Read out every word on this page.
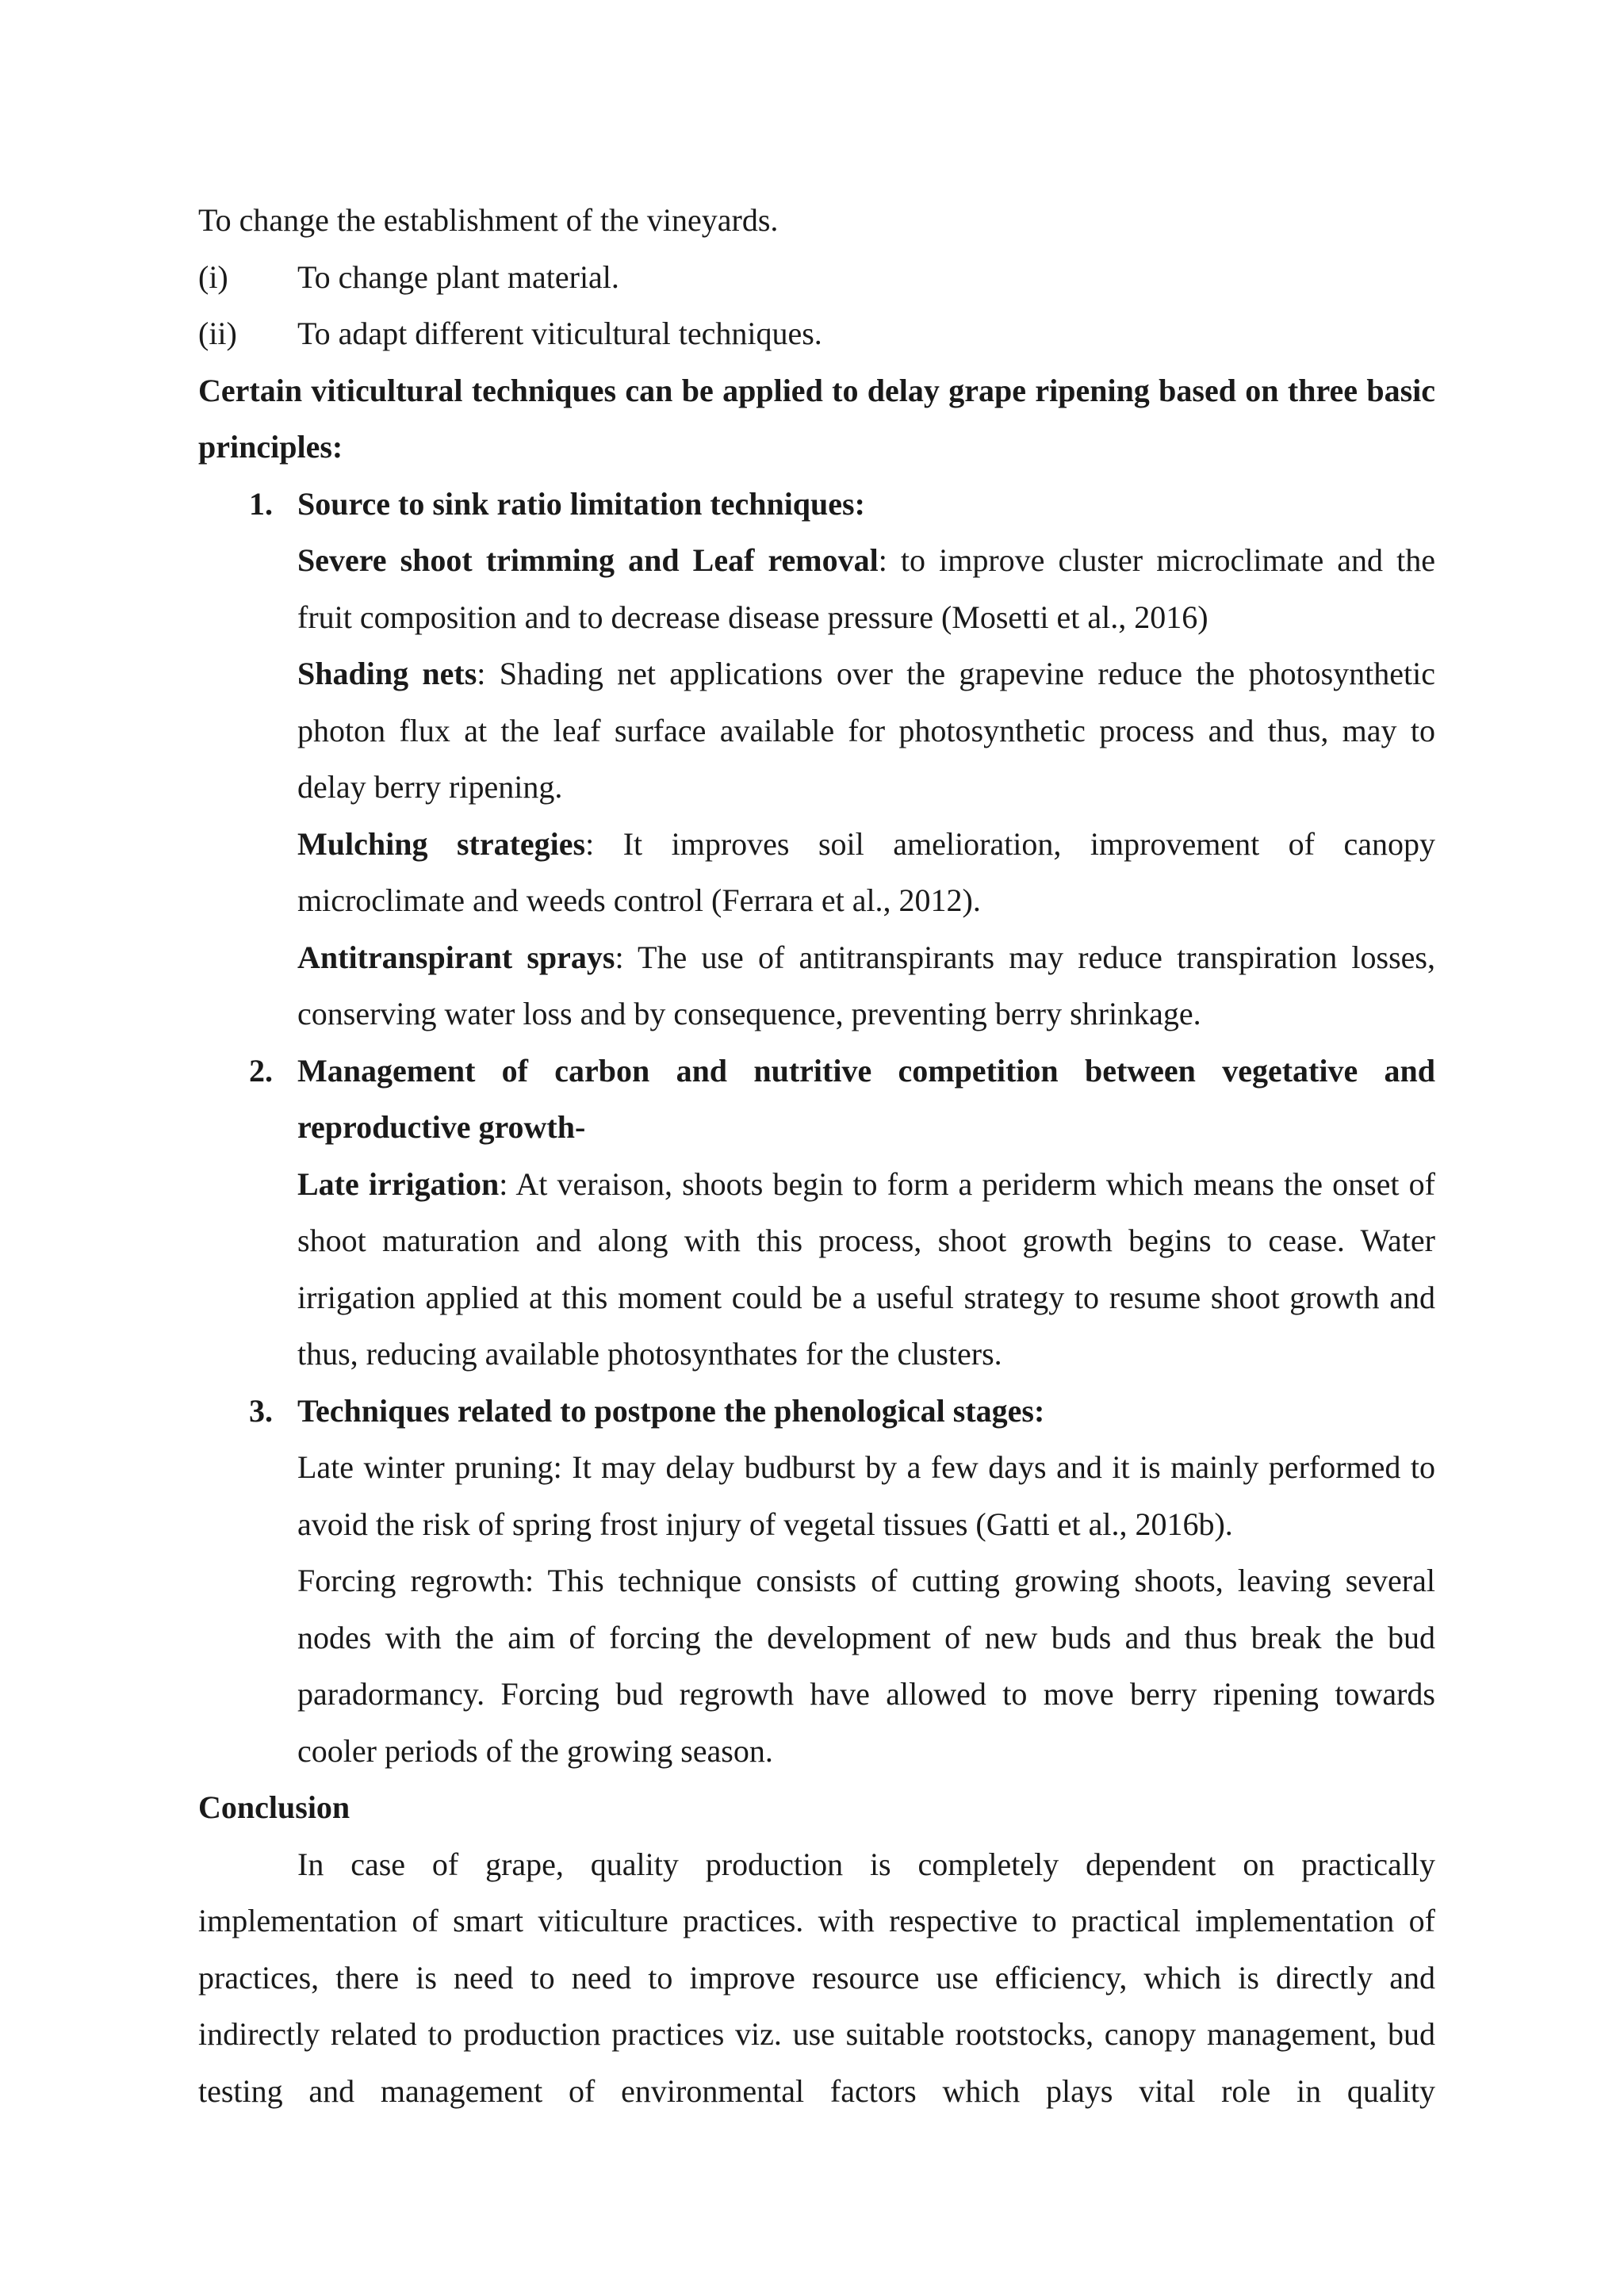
To change the establishment of the vineyards.
(i)	To change plant material.
(ii)	To adapt different viticultural techniques.
Certain viticultural techniques can be applied to delay grape ripening based on three basic principles:
1. Source to sink ratio limitation techniques:
Severe shoot trimming and Leaf removal: to improve cluster microclimate and the fruit composition and to decrease disease pressure (Mosetti et al., 2016)
Shading nets: Shading net applications over the grapevine reduce the photosynthetic photon flux at the leaf surface available for photosynthetic process and thus, may to delay berry ripening.
Mulching strategies: It improves soil amelioration, improvement of canopy microclimate and weeds control (Ferrara et al., 2012).
Antitranspirant sprays: The use of antitranspirants may reduce transpiration losses, conserving water loss and by consequence, preventing berry shrinkage.
2. Management of carbon and nutritive competition between vegetative and reproductive growth-
Late irrigation: At veraison, shoots begin to form a periderm which means the onset of shoot maturation and along with this process, shoot growth begins to cease. Water irrigation applied at this moment could be a useful strategy to resume shoot growth and thus, reducing available photosynthates for the clusters.
3. Techniques related to postpone the phenological stages:
Late winter pruning: It may delay budburst by a few days and it is mainly performed to avoid the risk of spring frost injury of vegetal tissues (Gatti et al., 2016b).
Forcing regrowth: This technique consists of cutting growing shoots, leaving several nodes with the aim of forcing the development of new buds and thus break the bud paradormancy. Forcing bud regrowth have allowed to move berry ripening towards cooler periods of the growing season.
Conclusion
In case of grape, quality production is completely dependent on practically implementation of smart viticulture practices. with respective to practical implementation of practices, there is need to need to improve resource use efficiency, which is directly and indirectly related to production practices viz. use suitable rootstocks, canopy management, bud testing and management of environmental factors which plays vital role in quality
